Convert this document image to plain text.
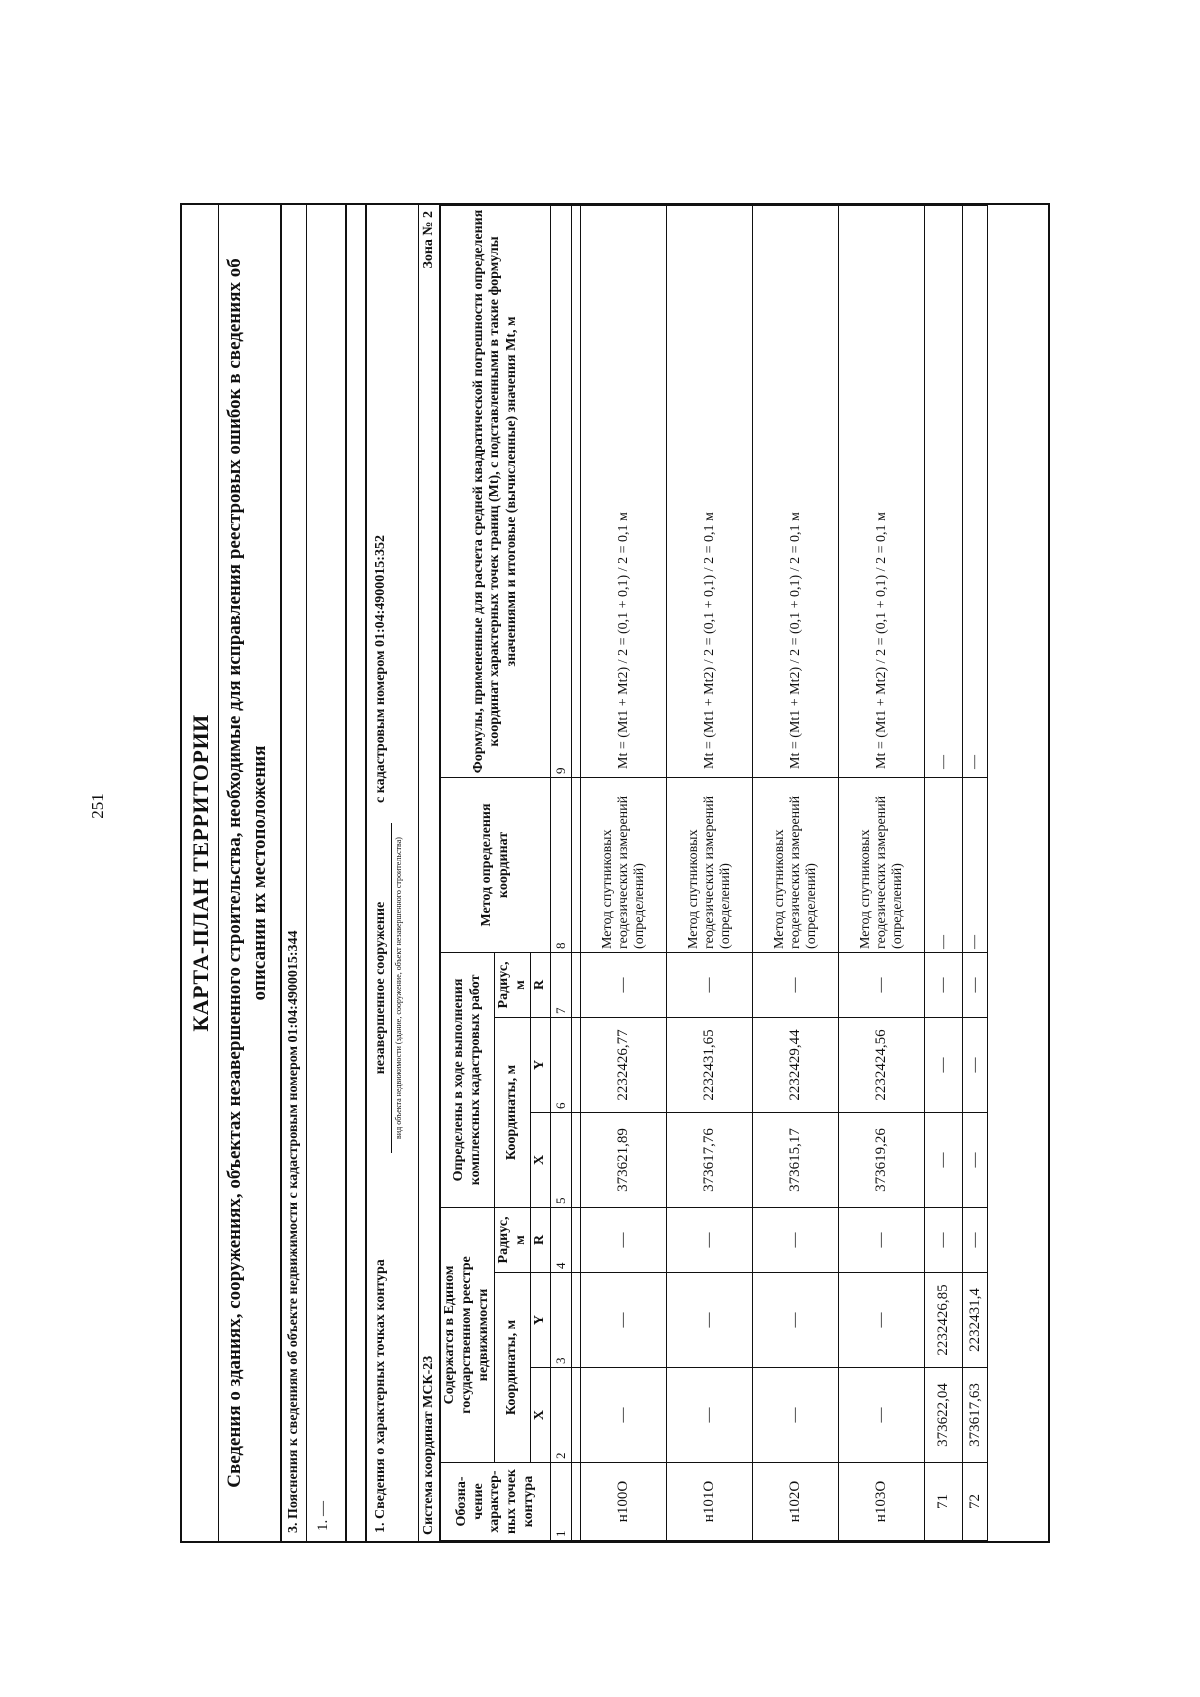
251	КАРТА-ПЛАН ТЕРРИТОРИИ Сведения о зданиях, сооружениях, объектах незавершенного строительства, необходимые для исправления реестровых ошибок в сведениях об описании их местоположения
3. Пояснения к сведениям об объекте недвижимости с кадастровым номером 01:04:4900015:344 1. —	1. Сведения о характерных точках контура
незавершенное сооружение вид объекта недвижимости (здание, сооружение, объект незавершенного строительства)
с кадастровым номером 01:04:4900015:352
Система координат МСК-23
Зона № 2
Обозна-чение характер-ных точек контура	Содержатся в Едином государственном реестре недвижимости			Определены в ходе выполнения комплексных кадастровых работ			Метод определения координат	Формулы, примененные для расчета средней квадратической погрешности определения координат характерных точек границ (Mt), с подставленными в такие формулы значениями и итоговые (вычисленные) значения Mt, м
	Координаты, м		Радиус, м	Координаты, м		Радиус, м		
	X	Y	R	X	Y	R		
1	2	3	4	5	6	7	8	9

н100О	—	—	—	373621,89	2232426,77	—	Метод спутниковых геодезических измерений (определений)	Mt = (Mt1 + Mt2) / 2 = (0,1 + 0,1) / 2 = 0,1 м
н101О	—	—	—	373617,76	2232431,65	—	Метод спутниковых геодезических измерений (определений)	Mt = (Mt1 + Mt2) / 2 = (0,1 + 0,1) / 2 = 0,1 м
н102О	—	—	—	373615,17	2232429,44	—	Метод спутниковых геодезических измерений (определений)	Mt = (Mt1 + Mt2) / 2 = (0,1 + 0,1) / 2 = 0,1 м
н103О	—	—	—	373619,26	2232424,56	—	Метод спутниковых геодезических измерений (определений)	Mt = (Mt1 + Mt2) / 2 = (0,1 + 0,1) / 2 = 0,1 м
71	373622,04	2232426,85	—	—	—	—	—	—
72	373617,63	2232431,4	—	—	—	—	—	—
